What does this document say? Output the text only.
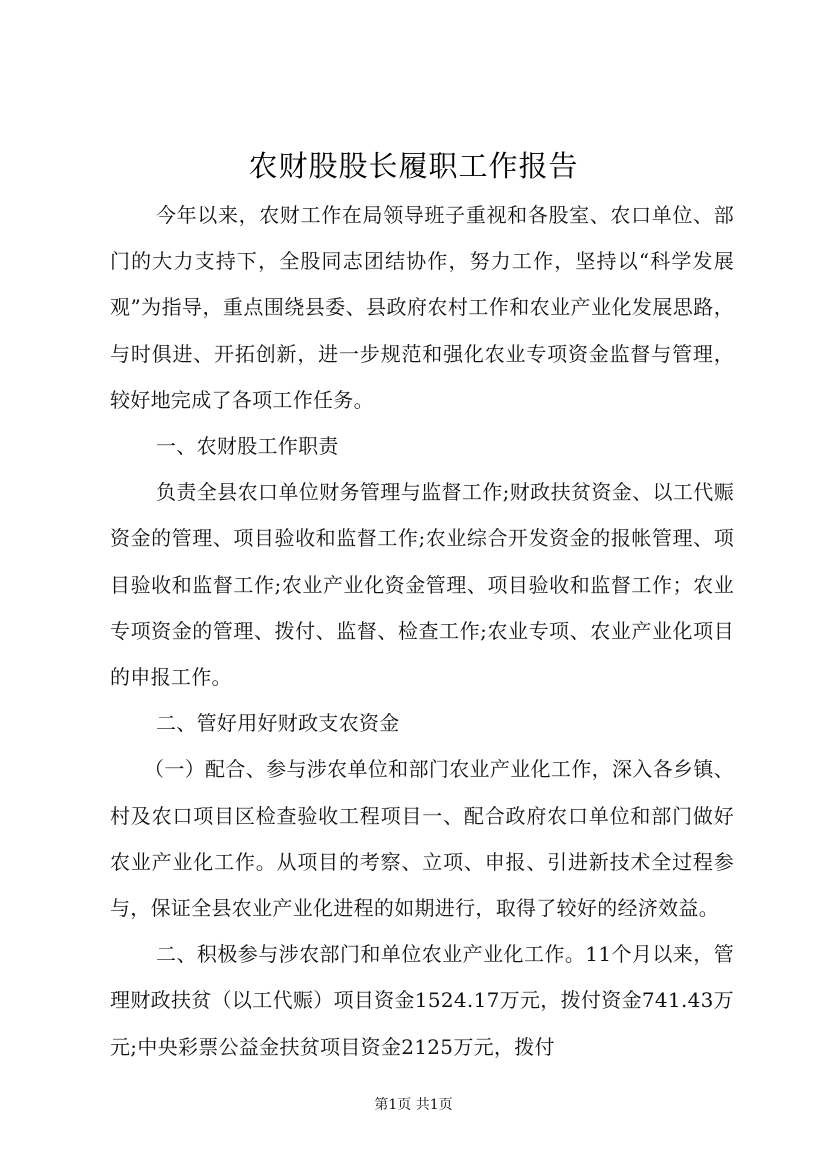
农财股股长履职工作报告

今年以来，农财工作在局领导班子重视和各股室、农口单位、部门的大力支持下，全股同志团结协作，努力工作，坚持以“科学发展观”为指导，重点围绕县委、县政府农村工作和农业产业化发展思路，与时俱进、开拓创新，进一步规范和强化农业专项资金监督与管理，较好地完成了各项工作任务。

一、农财股工作职责

负责全县农口单位财务管理与监督工作;财政扶贫资金、以工代赈资金的管理、项目验收和监督工作;农业综合开发资金的报帐管理、项目验收和监督工作;农业产业化资金管理、项目验收和监督工作；农业专项资金的管理、拨付、监督、检查工作;农业专项、农业产业化项目的申报工作。

二、管好用好财政支农资金

（一）配合、参与涉农单位和部门农业产业化工作，深入各乡镇、村及农口项目区检查验收工程项目一、配合政府农口单位和部门做好农业产业化工作。从项目的考察、立项、申报、引进新技术全过程参与，保证全县农业产业化进程的如期进行，取得了较好的经济效益。

二、积极参与涉农部门和单位农业产业化工作。11个月以来，管理财政扶贫（以工代赈）项目资金1524.17万元，拨付资金741.43万元;中央彩票公益金扶贫项目资金2125万元，拨付

第1页 共1页
